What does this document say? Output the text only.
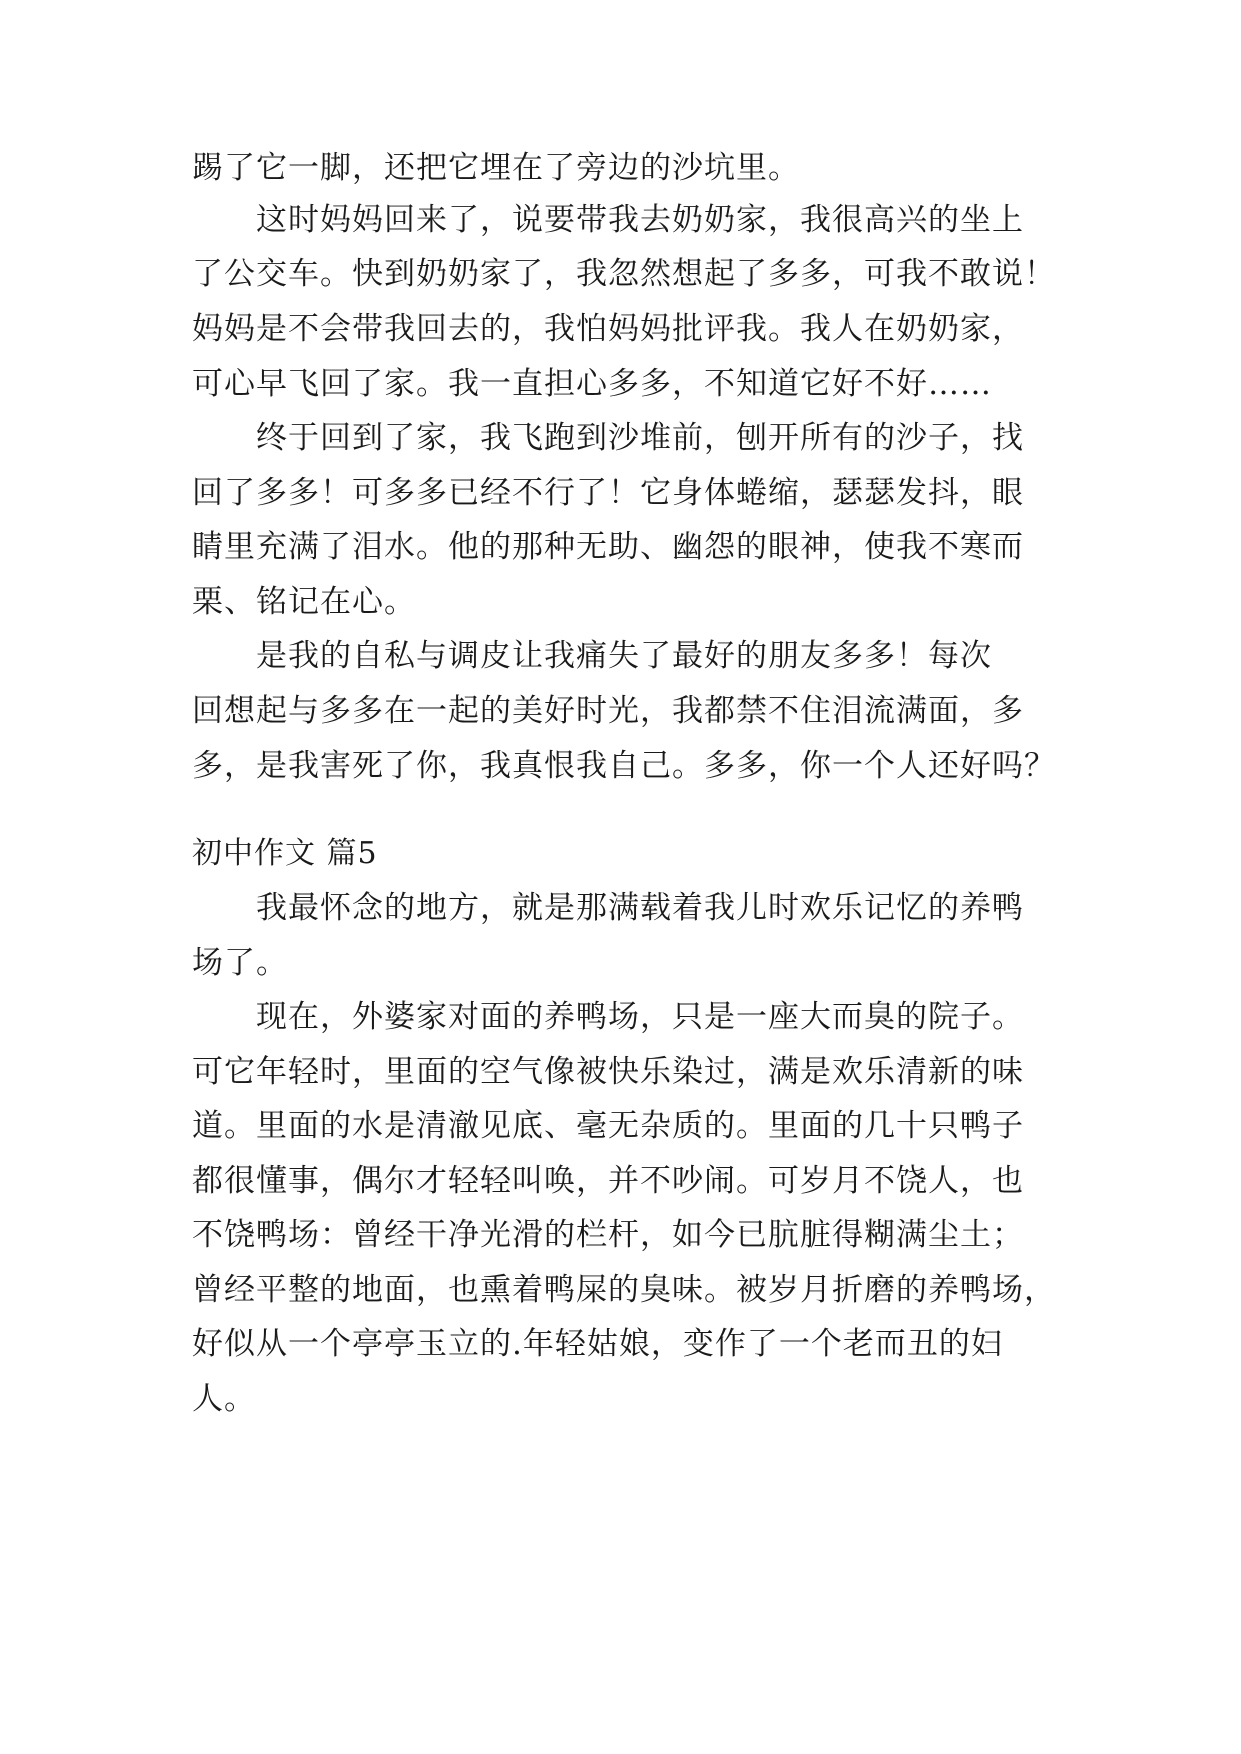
踢了它一脚，还把它埋在了旁边的沙坑里。
这时妈妈回来了，说要带我去奶奶家，我很高兴的坐上
了公交车。快到奶奶家了，我忽然想起了多多，可我不敢说！
妈妈是不会带我回去的，我怕妈妈批评我。我人在奶奶家，
可心早飞回了家。我一直担心多多，不知道它好不好……
终于回到了家，我飞跑到沙堆前，刨开所有的沙子，找
回了多多！可多多已经不行了！它身体蜷缩，瑟瑟发抖，眼
睛里充满了泪水。他的那种无助、幽怨的眼神，使我不寒而
栗、铭记在心。
是我的自私与调皮让我痛失了最好的朋友多多！每次
回想起与多多在一起的美好时光，我都禁不住泪流满面，多
多，是我害死了你，我真恨我自己。多多，你一个人还好吗？
初中作文 篇5
我最怀念的地方，就是那满载着我儿时欢乐记忆的养鸭
场了。
现在，外婆家对面的养鸭场，只是一座大而臭的院子。
可它年轻时，里面的空气像被快乐染过，满是欢乐清新的味
道。里面的水是清澈见底、毫无杂质的。里面的几十只鸭子
都很懂事，偶尔才轻轻叫唤，并不吵闹。可岁月不饶人，也
不饶鸭场：曾经干净光滑的栏杆，如今已肮脏得糊满尘土；
曾经平整的地面，也熏着鸭屎的臭味。被岁月折磨的养鸭场，
好似从一个亭亭玉立的.年轻姑娘，变作了一个老而丑的妇
人。
